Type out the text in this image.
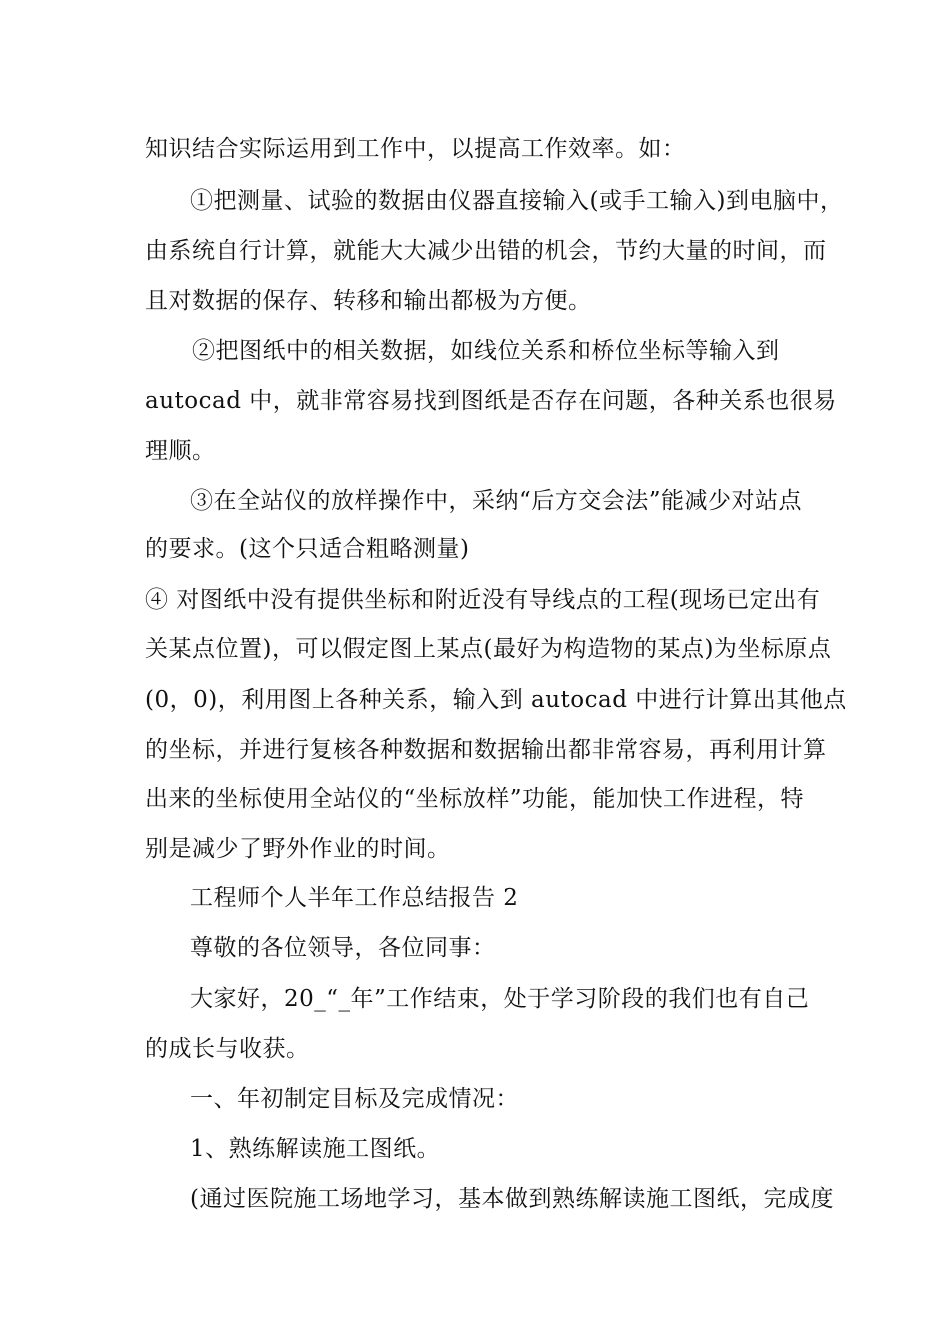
知识结合实际运用到工作中，以提高工作效率。如：
①把测量、试验的数据由仪器直接输入(或手工输入)到电脑中，
由系统自行计算，就能大大减少出错的机会，节约大量的时间，而
且对数据的保存、转移和输出都极为方便。
②把图纸中的相关数据，如线位关系和桥位坐标等输入到
autocad 中，就非常容易找到图纸是否存在问题，各种关系也很易
理顺。
③在全站仪的放样操作中，采纳“后方交会法”能减少对站点
的要求。(这个只适合粗略测量)
④ 对图纸中没有提供坐标和附近没有导线点的工程(现场已定出有
关某点位置)，可以假定图上某点(最好为构造物的某点)为坐标原点
(0，0)，利用图上各种关系，输入到 autocad 中进行计算出其他点
的坐标，并进行复核各种数据和数据输出都非常容易，再利用计算
出来的坐标使用全站仪的“坐标放样”功能，能加快工作进程，特
别是减少了野外作业的时间。
工程师个人半年工作总结报告 2
尊敬的各位领导，各位同事：
大家好，20_“_年”工作结束，处于学习阶段的我们也有自己
的成长与收获。
一、年初制定目标及完成情况：
1、熟练解读施工图纸。
(通过医院施工场地学习，基本做到熟练解读施工图纸，完成度
